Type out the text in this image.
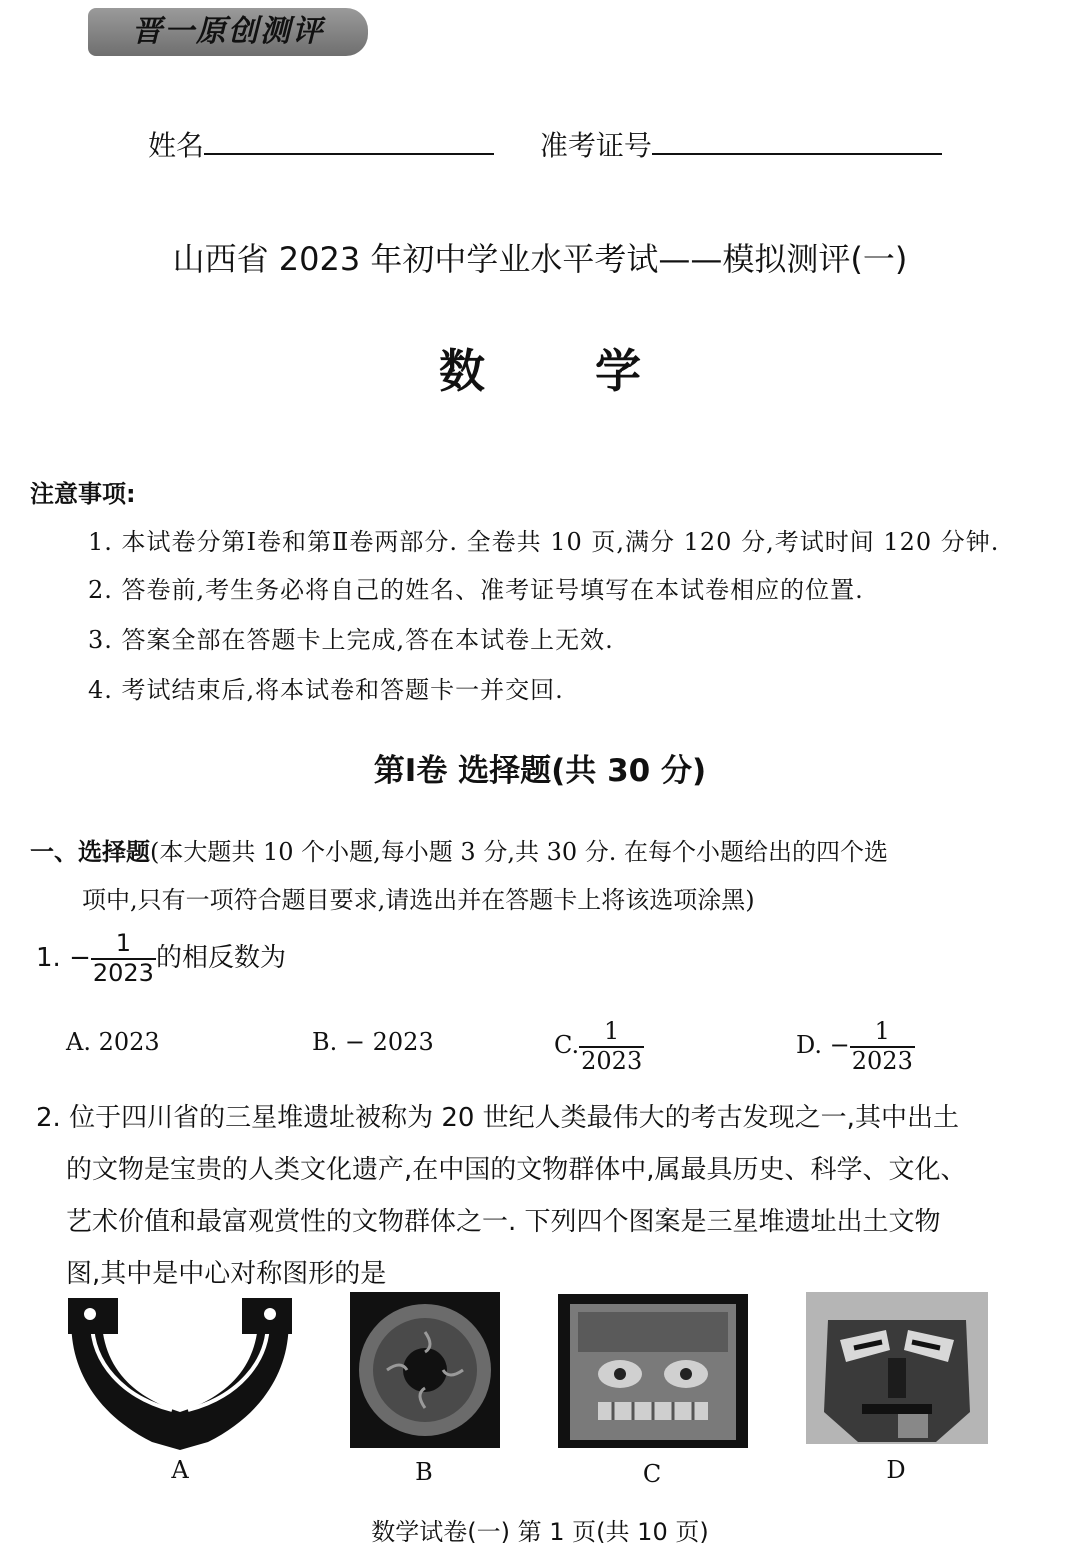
晋一原创测评
姓名	准考证号
山西省 2023 年初中学业水平考试——模拟测评(一)
数学
注意事项:
1. 本试卷分第Ⅰ卷和第Ⅱ卷两部分. 全卷共 10 页,满分 120 分,考试时间 120 分钟.
2. 答卷前,考生务必将自己的姓名、准考证号填写在本试卷相应的位置.
3. 答案全部在答题卡上完成,答在本试卷上无效.
4. 考试结束后,将本试卷和答题卡一并交回.
第Ⅰ卷 选择题(共 30 分)
一、选择题(本大题共 10 个小题,每小题 3 分,共 30 分. 在每个小题给出的四个选
项中,只有一项符合题目要求,请选出并在答题卡上将该选项涂黑)
1. − $\frac{1}{2023}$ 的相反数为
A. 2023	B. − 2023	C. $\frac{1}{2023}$	D. − $\frac{1}{2023}$
2. 位于四川省的三星堆遗址被称为 20 世纪人类最伟大的考古发现之一,其中出土
的文物是宝贵的人类文化遗产,在中国的文物群体中,属最具历史、科学、文化、
艺术价值和最富观赏性的文物群体之一. 下列四个图案是三星堆遗址出土文物
图,其中是中心对称图形的是
A	B	C	D
数学试卷(一) 第 1 页(共 10 页)
